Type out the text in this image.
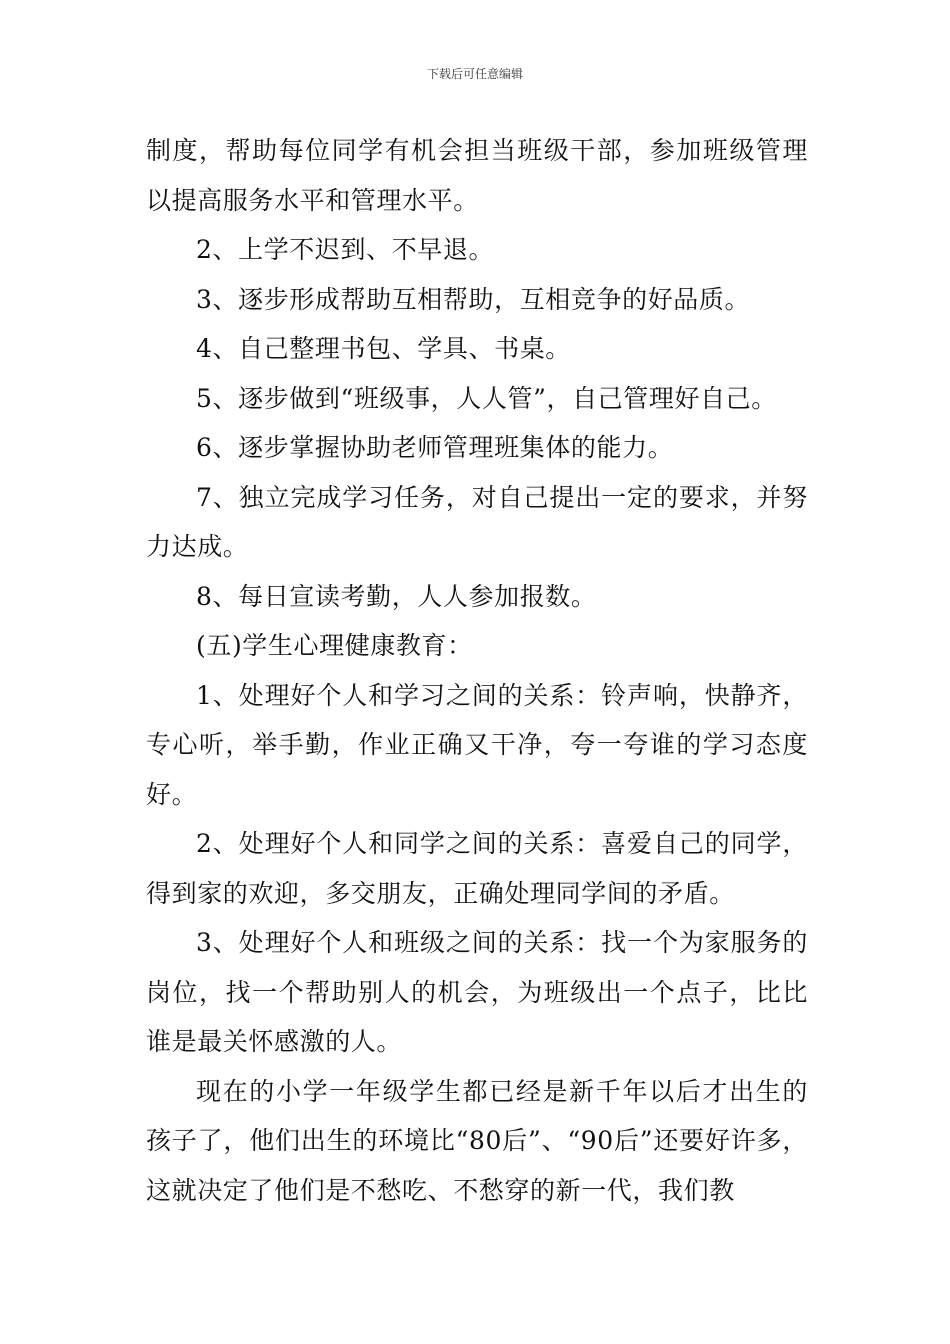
下载后可任意编辑

制度，帮助每位同学有机会担当班级干部，参加班级管理以提高服务水平和管理水平。

2、上学不迟到、不早退。

3、逐步形成帮助互相帮助，互相竞争的好品质。

4、自己整理书包、学具、书桌。

5、逐步做到“班级事，人人管”，自己管理好自己。

6、逐步掌握协助老师管理班集体的能力。

7、独立完成学习任务，对自己提出一定的要求，并努力达成。

8、每日宣读考勤，人人参加报数。

(五)学生心理健康教育：

1、处理好个人和学习之间的关系：铃声响，快静齐，专心听，举手勤，作业正确又干净，夸一夸谁的学习态度好。

2、处理好个人和同学之间的关系：喜爱自己的同学，得到家的欢迎，多交朋友，正确处理同学间的矛盾。

3、处理好个人和班级之间的关系：找一个为家服务的岗位，找一个帮助别人的机会，为班级出一个点子，比比谁是最关怀感激的人。

现在的小学一年级学生都已经是新千年以后才出生的孩子了，他们出生的环境比“80后”、“90后”还要好许多，这就决定了他们是不愁吃、不愁穿的新一代，我们教
